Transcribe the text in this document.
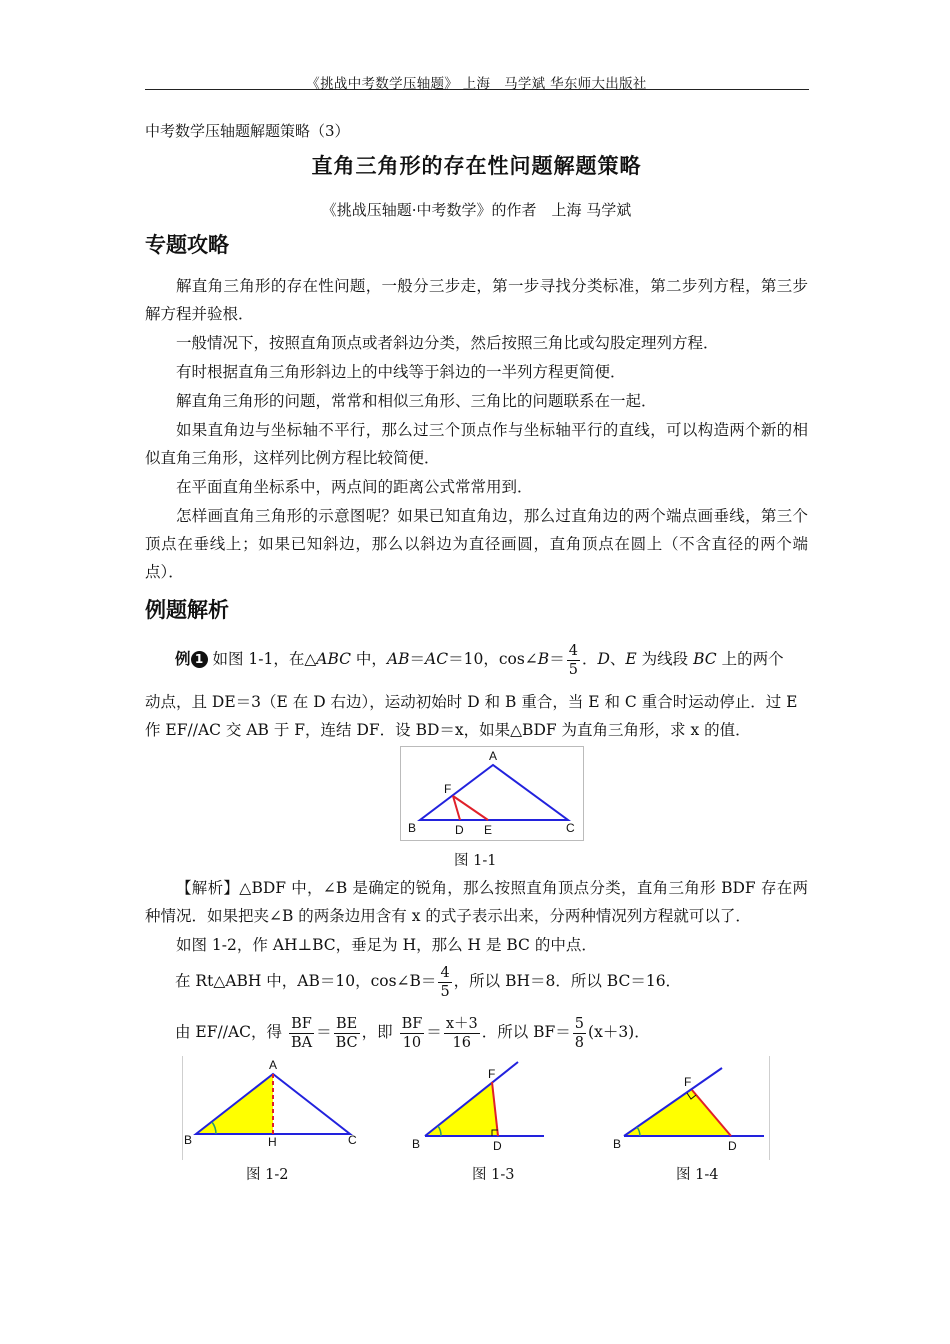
《挑战中考数学压轴题》 上海　马学斌 华东师大出版社
中考数学压轴题解题策略（3）
直角三角形的存在性问题解题策略
《挑战压轴题·中考数学》的作者　上海 马学斌
专题攻略
解直角三角形的存在性问题，一般分三步走，第一步寻找分类标准，第二步列方程，第三步解方程并验根．
一般情况下，按照直角顶点或者斜边分类，然后按照三角比或勾股定理列方程．
有时根据直角三角形斜边上的中线等于斜边的一半列方程更简便．
解直角三角形的问题，常常和相似三角形、三角比的问题联系在一起．
如果直角边与坐标轴不平行，那么过三个顶点作与坐标轴平行的直线，可以构造两个新的相似直角三角形，这样列比例方程比较简便．
在平面直角坐标系中，两点间的距离公式常常用到．
怎样画直角三角形的示意图呢？如果已知直角边，那么过直角边的两个端点画垂线，第三个顶点在垂线上；如果已知斜边，那么以斜边为直径画圆，直角顶点在圆上（不含直径的两个端点）．
例题解析
例 1 如图 1-1，在△ABC 中，AB＝AC＝10，cos∠B＝ $\frac{4}{5}$ ．D、E 为线段 BC 上的两个
动点，且 DE＝3（E 在 D 右边），运动初始时 D 和 B 重合，当 E 和 C 重合时运动停止．过 E
作 EF//AC 交 AB 于 F，连结 DF．设 BD＝x，如果△BDF 为直角三角形，求 x 的值．
A
B	C
D E
F
图 1-1
【解析】△BDF 中，∠B 是确定的锐角，那么按照直角顶点分类，直角三角形 BDF 存在两种情况．如果把夹∠B 的两条边用含有 x 的式子表示出来，分两种情况列方程就可以了．
如图 1-2，作 AH⊥BC，垂足为 H，那么 H 是 BC 的中点．
在 Rt△ABH 中，AB＝10，cos∠B＝ $\frac{4}{5}$ ，所以 BH＝8．所以 BC＝16．
由 EF//AC，得 $\frac{BF}{BA} = \frac{BE}{BC}$ ，即 $\frac{BF}{10} = \frac{x+3}{16}$ ．所以 $BF= \frac{5}{8} (x+3)$．
A
B	H	C
F
B	D
F
B	D
图 1-2	图 1-3	图 1-4
